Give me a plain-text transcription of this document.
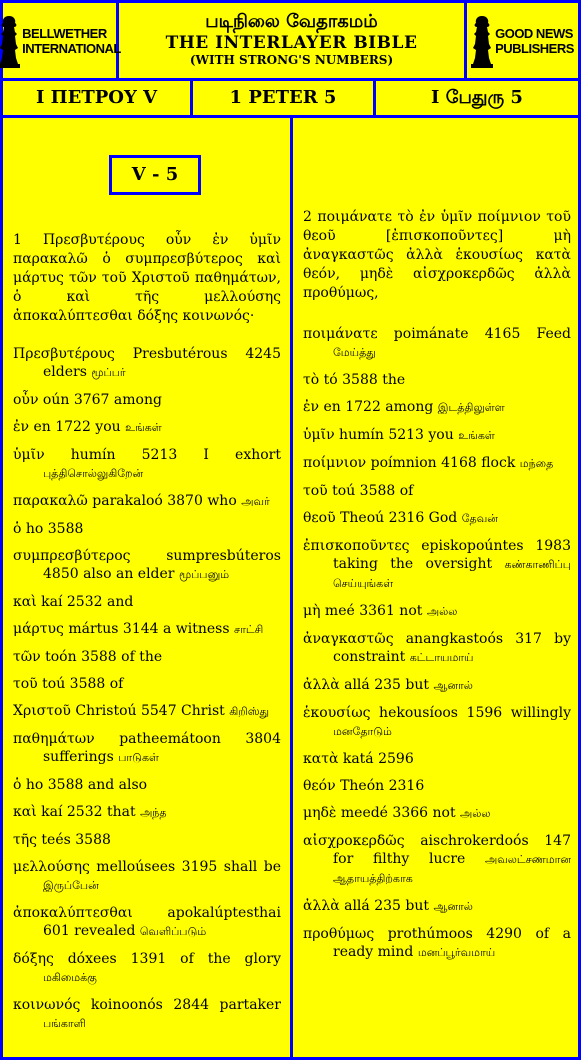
BELLWETHER
INTERNATIONAL
படிநிலை வேதாகமம்
THE INTERLAYER BIBLE
(WITH STRONG'S NUMBERS)
GOOD NEWS
PUBLISHERS
I ΠΕΤΡΟΥ V	1 PETER 5	I பேதுரு 5
V - 5
1 Πρεσβυτέρους οὖν ἐν ὑμῖν παρακαλῶ ὁ συμπρεσβύτερος καὶ μάρτυς τῶν τοῦ Χριστοῦ παθημάτων, ὁ καὶ τῆς μελλούσης ἀποκαλύπτεσθαι δόξης κοινωνός·
Πρεσβυτέρους Presbutérous 4245 elders மூப்பர்
οὖν oún 3767 among
ἐν en 1722 you உங்கள்
ὑμῖν humín 5213 I exhort புத்திசொல்லுகிறேன்
παρακαλῶ parakaloó 3870 who அவர்
ὁ ho 3588
συμπρεσβύτερος sumpresbúteros 4850 also an elder மூப்பனும்
καὶ kaí 2532 and
μάρτυς mártus 3144 a witness சாட்சி
τῶν toón 3588 of the
τοῦ toú 3588 of
Χριστοῦ Christoú 5547 Christ கிறிஸ்து
παθημάτων patheemátoon 3804 sufferings பாடுகள்
ὁ ho 3588 and also
καὶ kaí 2532 that அந்த
τῆς teés 3588
μελλούσης melloúsees 3195 shall be இருப்பேன்
ἀποκαλύπτεσθαι apokalúptesthai 601 revealed வெளிப்படும்
δόξης dóxees 1391 of the glory மகிமைக்கு
κοινωνός koinoonós 2844 partaker பங்காளி
2 ποιμάνατε τὸ ἐν ὑμῖν ποίμνιον τοῦ θεοῦ [ἐπισκοποῦντες] μὴ ἀναγκαστῶς ἀλλὰ ἑκουσίως κατὰ θεόν, μηδὲ αἰσχροκερδῶς ἀλλὰ προθύμως,
ποιμάνατε poimánate 4165 Feed மேய்த்து
τὸ tó 3588 the
ἐν en 1722 among இடத்திலுள்ள
ὑμῖν humín 5213 you உங்கள்
ποίμνιον poímnion 4168 flock மந்தை
τοῦ toú 3588 of
θεοῦ Theoú 2316 God தேவன்
ἐπισκοποῦντες episkopoúntes 1983 taking the oversight கண்காணிப்பு செய்யுங்கள்
μὴ meé 3361 not அல்ல
ἀναγκαστῶς anangkastoós 317 by constraint கட்டாயமாய்
ἀλλὰ allá 235 but ஆனால்
ἑκουσίως hekousíoos 1596 willingly மனதோடும்
κατὰ katá 2596
θεόν Theón 2316
μηδὲ meedé 3366 not அல்ல
αἰσχροκερδῶς aischrokerdoós 147 for filthy lucre அவலட்சணமான ஆதாயத்திற்காக
ἀλλὰ allá 235 but ஆனால்
προθύμως prothúmoos 4290 of a ready mind மனப்பூர்வமாய்
